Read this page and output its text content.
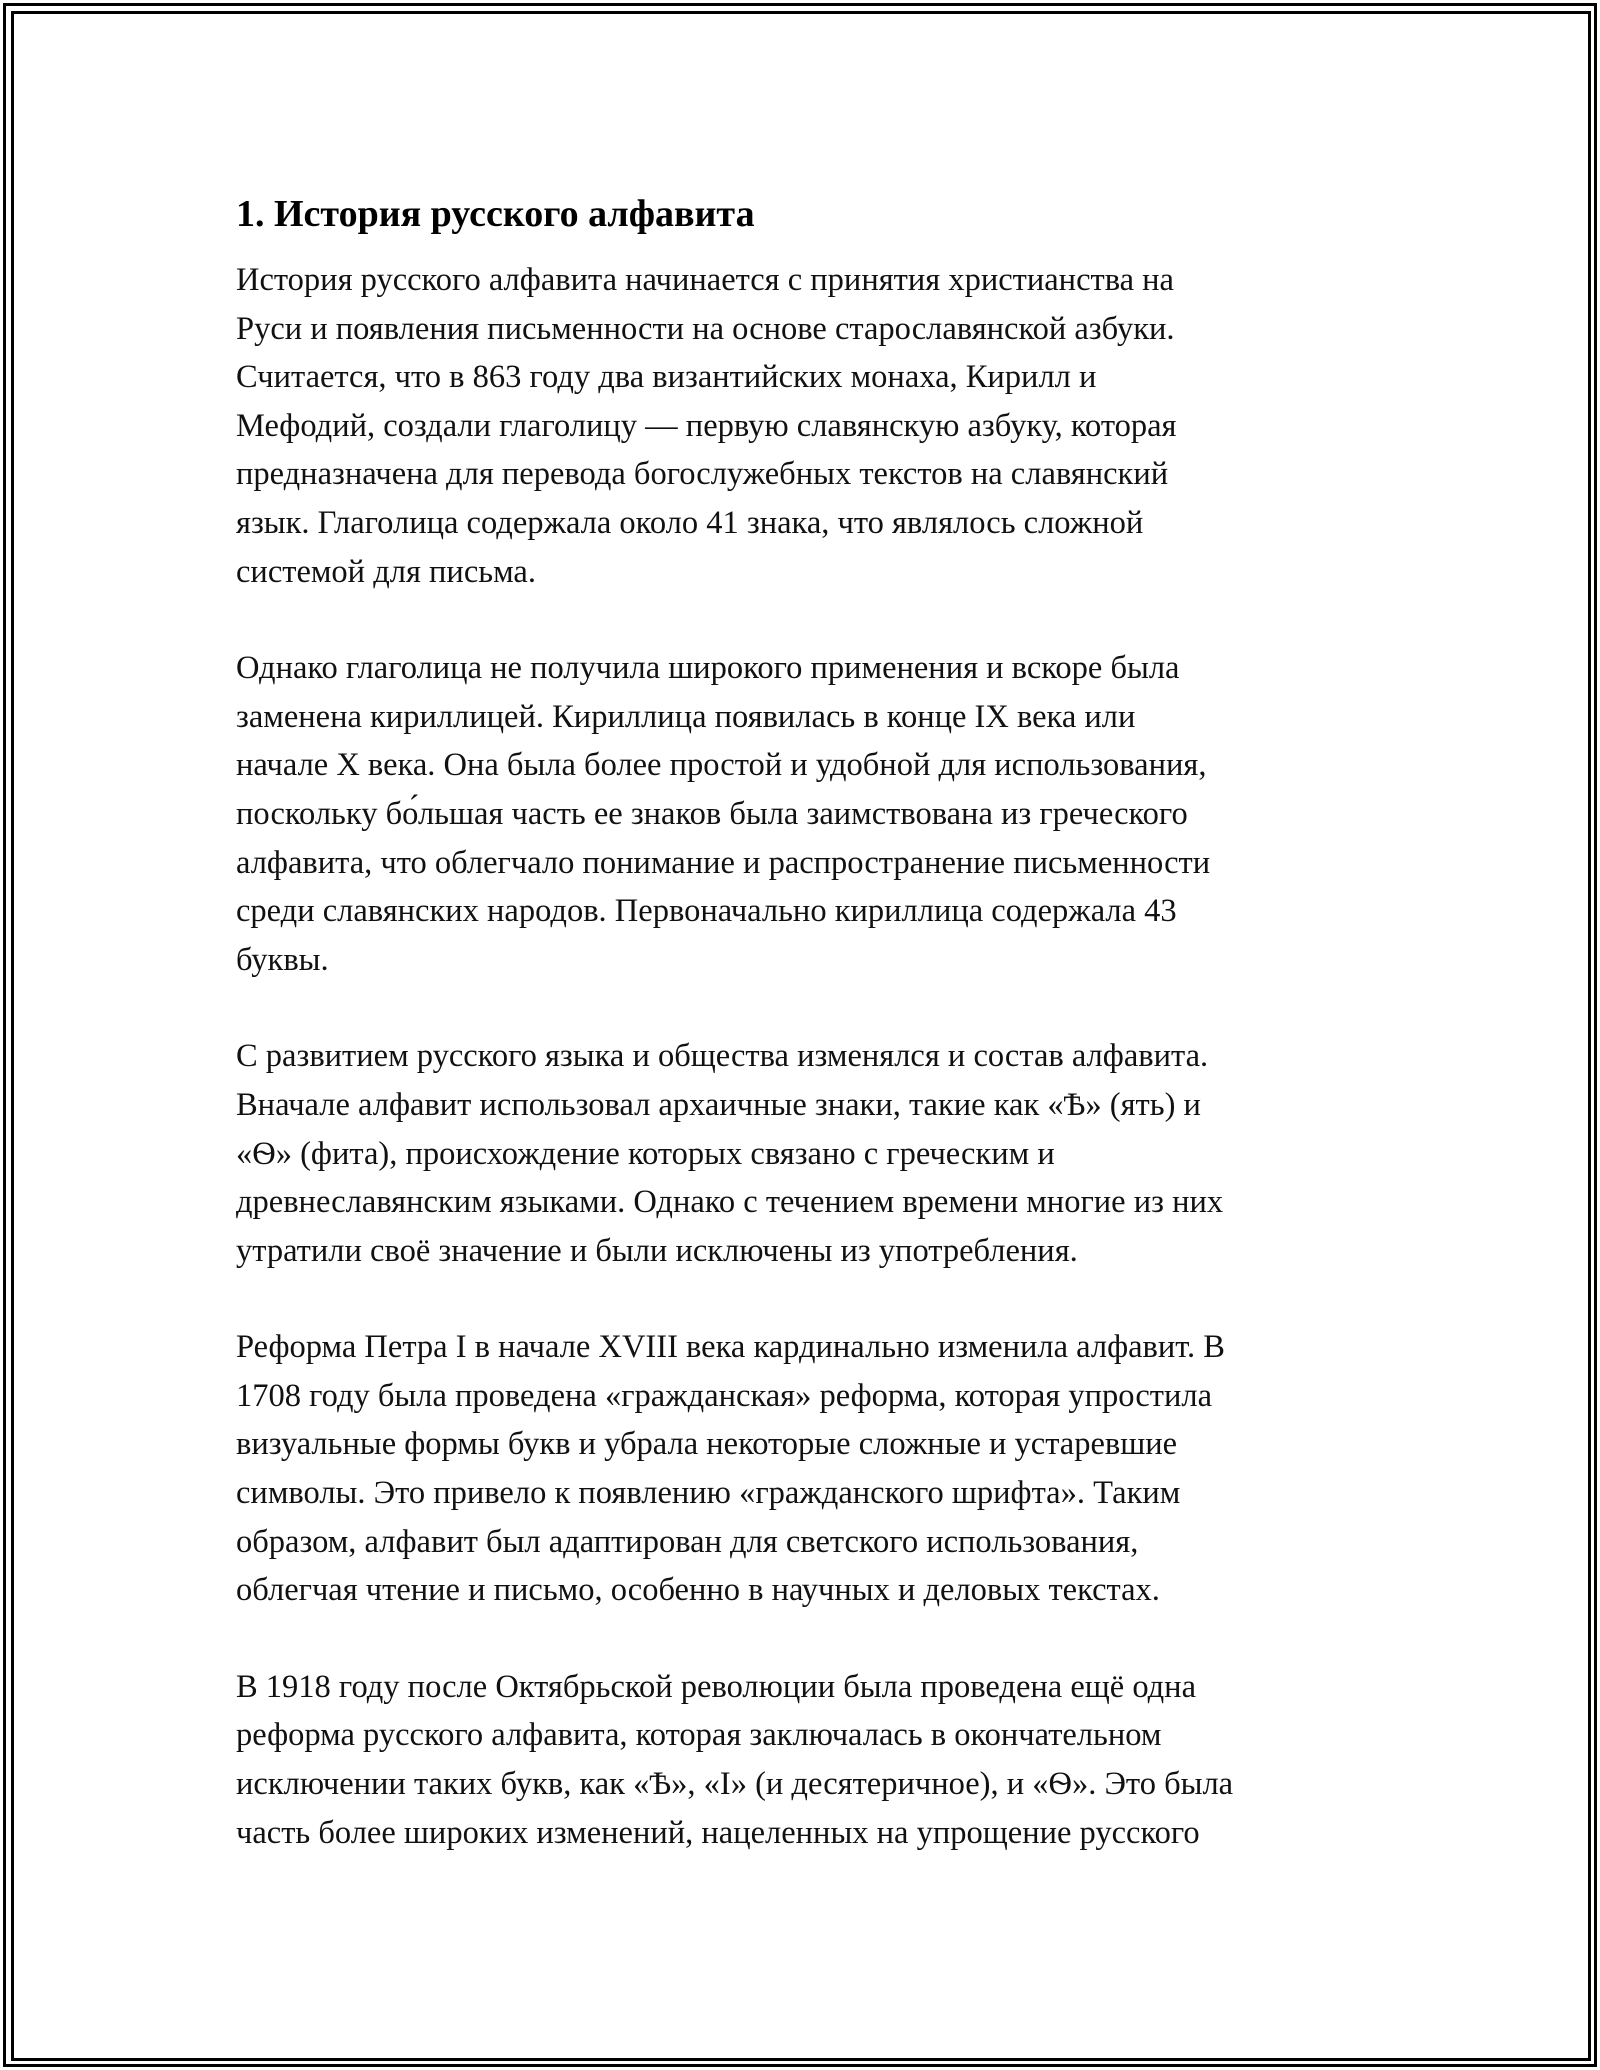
1. История русского алфавита

История русского алфавита начинается с принятия христианства на
Руси и появления письменности на основе старославянской азбуки.
Считается, что в 863 году два византийских монаха, Кирилл и
Мефодий, создали глаголицу — первую славянскую азбуку, которая
предназначена для перевода богослужебных текстов на славянский
язык. Глаголица содержала около 41 знака, что являлось сложной
системой для письма.

Однако глаголица не получила широкого применения и вскоре была
заменена кириллицей. Кириллица появилась в конце IX века или
начале X века. Она была более простой и удобной для использования,
поскольку бо́льшая часть ее знаков была заимствована из греческого
алфавита, что облегчало понимание и распространение письменности
среди славянских народов. Первоначально кириллица содержала 43
буквы.

С развитием русского языка и общества изменялся и состав алфавита.
Вначале алфавит использовал архаичные знаки, такие как «Ѣ» (ять) и
«Ѳ» (фита), происхождение которых связано с греческим и
древнеславянским языками. Однако с течением времени многие из них
утратили своё значение и были исключены из употребления.

Реформа Петра I в начале XVIII века кардинально изменила алфавит. В
1708 году была проведена «гражданская» реформа, которая упростила
визуальные формы букв и убрала некоторые сложные и устаревшие
символы. Это привело к появлению «гражданского шрифта». Таким
образом, алфавит был адаптирован для светского использования,
облегчая чтение и письмо, особенно в научных и деловых текстах.

В 1918 году после Октябрьской революции была проведена ещё одна
реформа русского алфавита, которая заключалась в окончательном
исключении таких букв, как «Ѣ», «І» (и десятеричное), и «Ѳ». Это была
часть более широких изменений, нацеленных на упрощение русского
